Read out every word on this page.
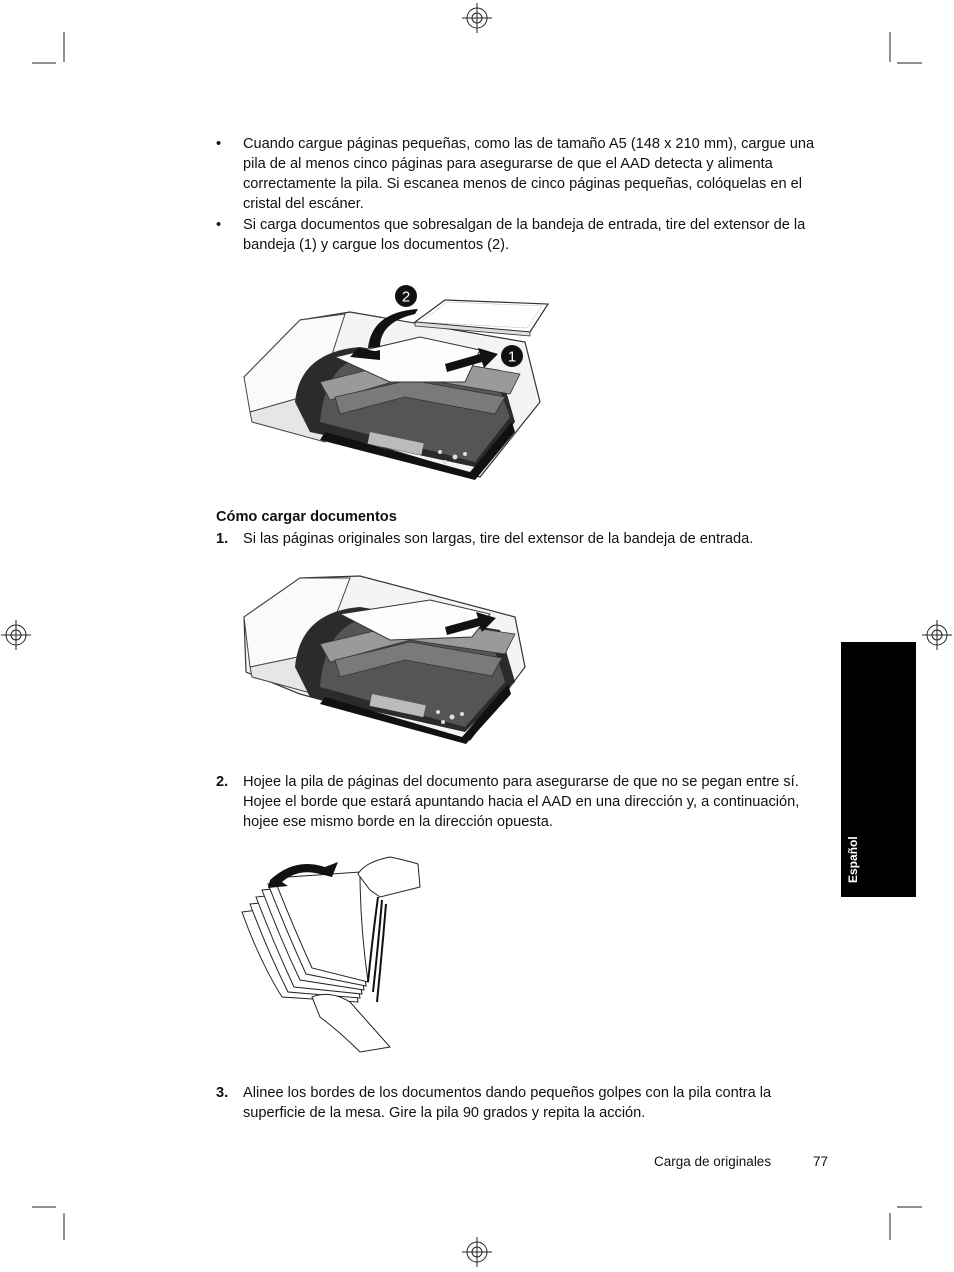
•	Cuando cargue páginas pequeñas, como las de tamaño A5 (148 x 210 mm), cargue una pila de al menos cinco páginas para asegurarse de que el AAD detecta y alimenta correctamente la pila. Si escanea menos de cinco páginas pequeñas, colóquelas en el cristal del escáner.
•	Si carga documentos que sobresalgan de la bandeja de entrada, tire del extensor de la bandeja (1) y cargue los documentos (2).
2
1
Cómo cargar documentos
1. Si las páginas originales son largas, tire del extensor de la bandeja de entrada.
2. Hojee la pila de páginas del documento para asegurarse de que no se pegan entre sí. Hojee el borde que estará apuntando hacia el AAD en una dirección y, a continuación, hojee ese mismo borde en la dirección opuesta.
3. Alinee los bordes de los documentos dando pequeños golpes con la pila contra la superficie de la mesa. Gire la pila 90 grados y repita la acción.
Español
Carga de originales	77
